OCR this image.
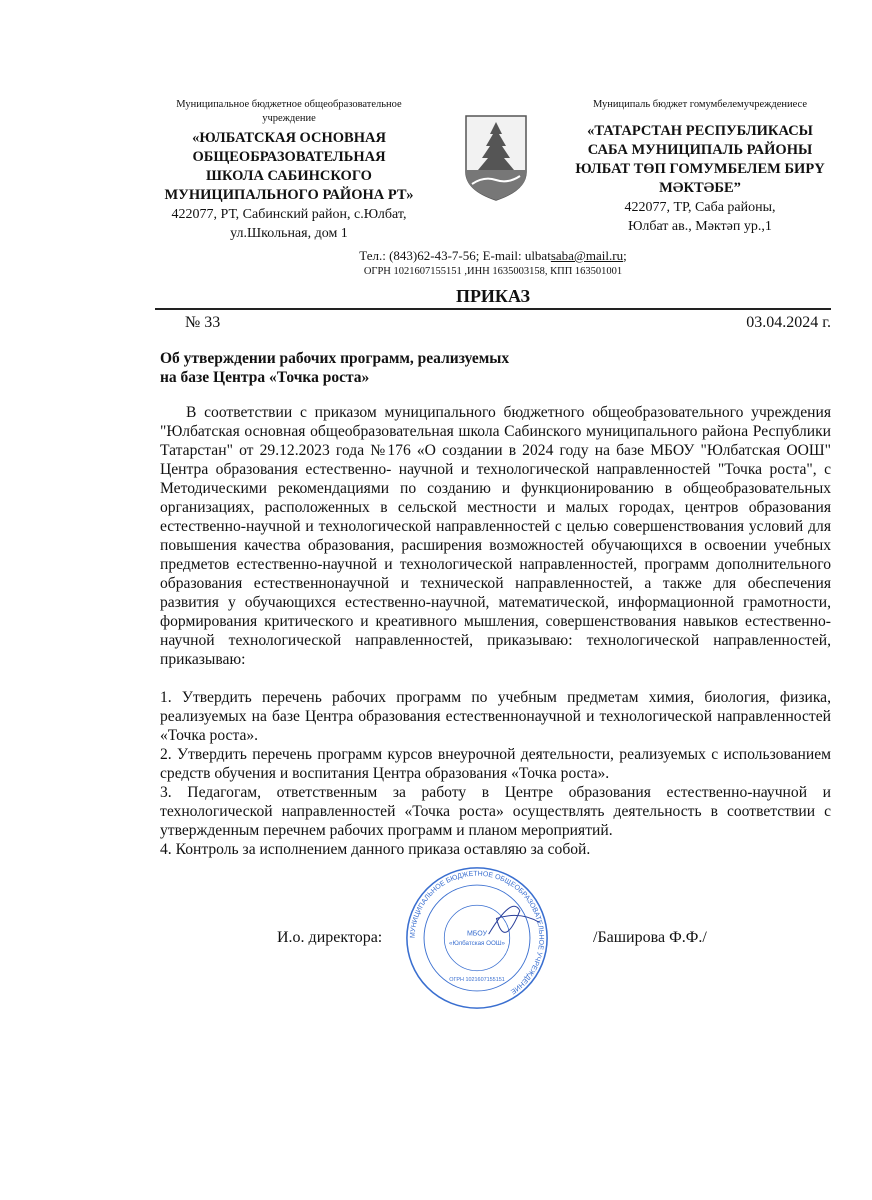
Муниципальное бюджетное общеобразовательное учреждение
«ЮЛБАТСКАЯ ОСНОВНАЯ
ОБЩЕОБРАЗОВАТЕЛЬНАЯ
ШКОЛА САБИНСКОГО
МУНИЦИПАЛЬНОГО РАЙОНА РТ»
422077, РТ, Сабинский район, с.Юлбат,
ул.Школьная, дом 1
Муниципаль бюджет гомумбелемучреждениесе
«ТАТАРСТАН РЕСПУБЛИКАСЫ
САБА МУНИЦИПАЛЬ РАЙОНЫ
ЮЛБАТ ТӨП ГОМУМБЕЛЕМ БИРҮ
МӘКТӘБЕ”
422077, ТР, Саба районы,
Юлбат ав., Мәктәп ур.,1
Тел.: (843)62-43-7-56; E-mail: ulbatsaba@mail.ru;
ОГРН 1021607155151 ,ИНН 1635003158, КПП 163501001
ПРИКАЗ
№ 33	03.04.2024 г.
Об утверждении рабочих программ, реализуемых
на базе Центра «Точка роста»

В соответствии с приказом муниципального бюджетного общеобразовательного учреждения "Юлбатская основная общеобразовательная школа Сабинского муниципального района Республики Татарстан" от 29.12.2023 года №176 «О создании в 2024 году на базе МБОУ "Юлбатская ООШ" Центра образования естественно- научной и технологической направленностей "Точка роста", с Методическими рекомендациями по созданию и функционированию в общеобразовательных организациях, расположенных в сельской местности и малых городах, центров образования естественно-научной и технологической направленностей с целью совершенствования условий для повышения качества образования, расширения возможностей обучающихся в освоении учебных предметов естественно-научной и технологической направленностей, программ дополнительного образования естественнонаучной и технической направленностей, а также для обеспечения развития у обучающихся естественно-научной, математической, информационной грамотности, формирования критического и креативного мышления, совершенствования навыков естественно-научной технологической направленностей, приказываю: технологической направленностей, приказываю:

1. Утвердить перечень рабочих программ по учебным предметам химия, биология, физика, реализуемых на базе Центра образования естественнонаучной и технологической направленностей «Точка роста».

2. Утвердить перечень программ курсов внеурочной деятельности, реализуемых с использованием средств обучения и воспитания Центра образования «Точка роста».

3. Педагогам, ответственным за работу в Центре образования естественно-научной и технологической направленностей «Точка роста» осуществлять деятельность в соответствии с утвержденным перечнем рабочих программ и планом мероприятий.

4. Контроль за исполнением данного приказа оставляю за собой.

И.о. директора:	МУНИЦИПАЛЬНОЕ БЮДЖЕТНОЕ ОБЩЕОБРАЗОВАТЕЛЬНОЕ УЧРЕЖДЕНИЕ
МБОУ
«Юлбатская ООШ»
ОГРН 1021607155151
/Баширова Ф.Ф./
